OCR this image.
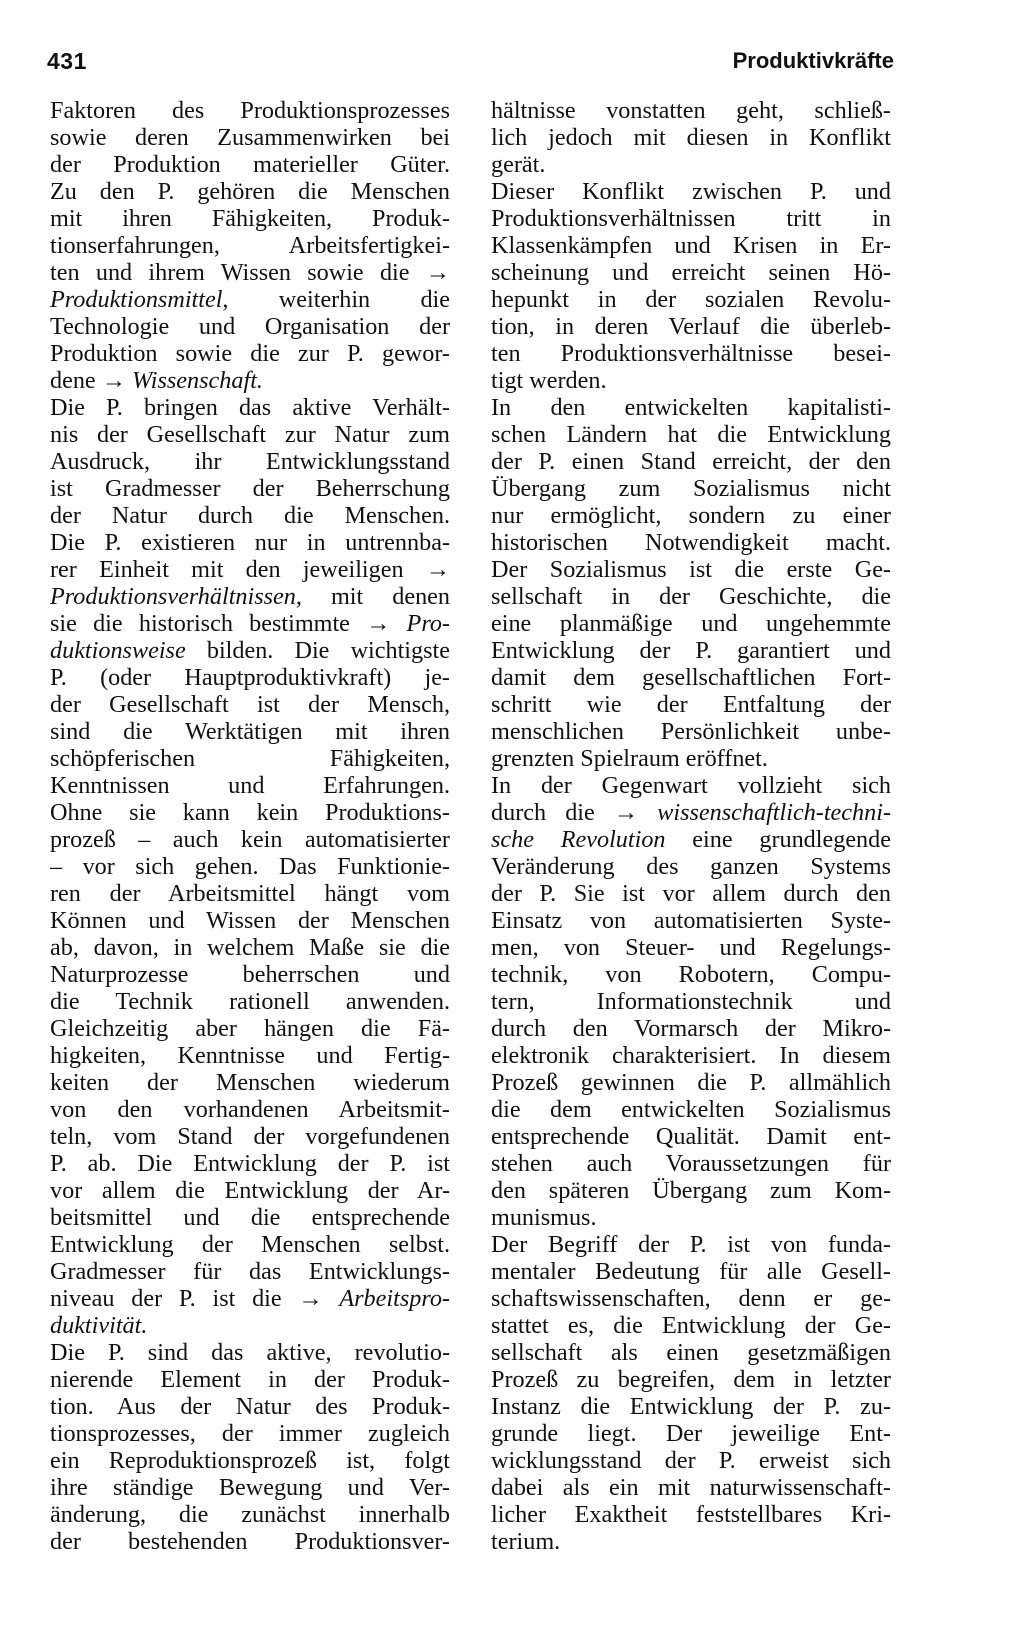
431	Produktivkräfte
Faktoren des Produktionsprozesses
sowie deren Zusammenwirken bei
der Produktion materieller Güter.
Zu den P. gehören die Menschen
mit ihren Fähigkeiten, Produk-
tionserfahrungen, Arbeitsfertigkei-
ten und ihrem Wissen sowie die →
Produktionsmittel, weiterhin die
Technologie und Organisation der
Produktion sowie die zur P. gewor-
dene → Wissenschaft.
Die P. bringen das aktive Verhält-
nis der Gesellschaft zur Natur zum
Ausdruck, ihr Entwicklungsstand
ist Gradmesser der Beherrschung
der Natur durch die Menschen.
Die P. existieren nur in untrennba-
rer Einheit mit den jeweiligen →
Produktionsverhältnissen, mit denen
sie die historisch bestimmte → Pro-
duktionsweise bilden. Die wichtigste
P. (oder Hauptproduktivkraft) je-
der Gesellschaft ist der Mensch,
sind die Werktätigen mit ihren
schöpferischen Fähigkeiten,
Kenntnissen und Erfahrungen.
Ohne sie kann kein Produktions-
prozeß – auch kein automatisierter
– vor sich gehen. Das Funktionie-
ren der Arbeitsmittel hängt vom
Können und Wissen der Menschen
ab, davon, in welchem Maße sie die
Naturprozesse beherrschen und
die Technik rationell anwenden.
Gleichzeitig aber hängen die Fä-
higkeiten, Kenntnisse und Fertig-
keiten der Menschen wiederum
von den vorhandenen Arbeitsmit-
teln, vom Stand der vorgefundenen
P. ab. Die Entwicklung der P. ist
vor allem die Entwicklung der Ar-
beitsmittel und die entsprechende
Entwicklung der Menschen selbst.
Gradmesser für das Entwicklungs-
niveau der P. ist die → Arbeitspro-
duktivität.
Die P. sind das aktive, revolutio-
nierende Element in der Produk-
tion. Aus der Natur des Produk-
tionsprozesses, der immer zugleich
ein Reproduktionsprozeß ist, folgt
ihre ständige Bewegung und Ver-
änderung, die zunächst innerhalb
der bestehenden Produktionsver-
hältnisse vonstatten geht, schließ-
lich jedoch mit diesen in Konflikt
gerät.
Dieser Konflikt zwischen P. und
Produktionsverhältnissen tritt in
Klassenkämpfen und Krisen in Er-
scheinung und erreicht seinen Hö-
hepunkt in der sozialen Revolu-
tion, in deren Verlauf die überleb-
ten Produktionsverhältnisse besei-
tigt werden.
In den entwickelten kapitalisti-
schen Ländern hat die Entwicklung
der P. einen Stand erreicht, der den
Übergang zum Sozialismus nicht
nur ermöglicht, sondern zu einer
historischen Notwendigkeit macht.
Der Sozialismus ist die erste Ge-
sellschaft in der Geschichte, die
eine planmäßige und ungehemmte
Entwicklung der P. garantiert und
damit dem gesellschaftlichen Fort-
schritt wie der Entfaltung der
menschlichen Persönlichkeit unbe-
grenzten Spielraum eröffnet.
In der Gegenwart vollzieht sich
durch die → wissenschaftlich-techni-
sche Revolution eine grundlegende
Veränderung des ganzen Systems
der P. Sie ist vor allem durch den
Einsatz von automatisierten Syste-
men, von Steuer- und Regelungs-
technik, von Robotern, Compu-
tern, Informationstechnik und
durch den Vormarsch der Mikro-
elektronik charakterisiert. In diesem
Prozeß gewinnen die P. allmählich
die dem entwickelten Sozialismus
entsprechende Qualität. Damit ent-
stehen auch Voraussetzungen für
den späteren Übergang zum Kom-
munismus.
Der Begriff der P. ist von funda-
mentaler Bedeutung für alle Gesell-
schaftswissenschaften, denn er ge-
stattet es, die Entwicklung der Ge-
sellschaft als einen gesetzmäßigen
Prozeß zu begreifen, dem in letzter
Instanz die Entwicklung der P. zu-
grunde liegt. Der jeweilige Ent-
wicklungsstand der P. erweist sich
dabei als ein mit naturwissenschaft-
licher Exaktheit feststellbares Kri-
terium.
